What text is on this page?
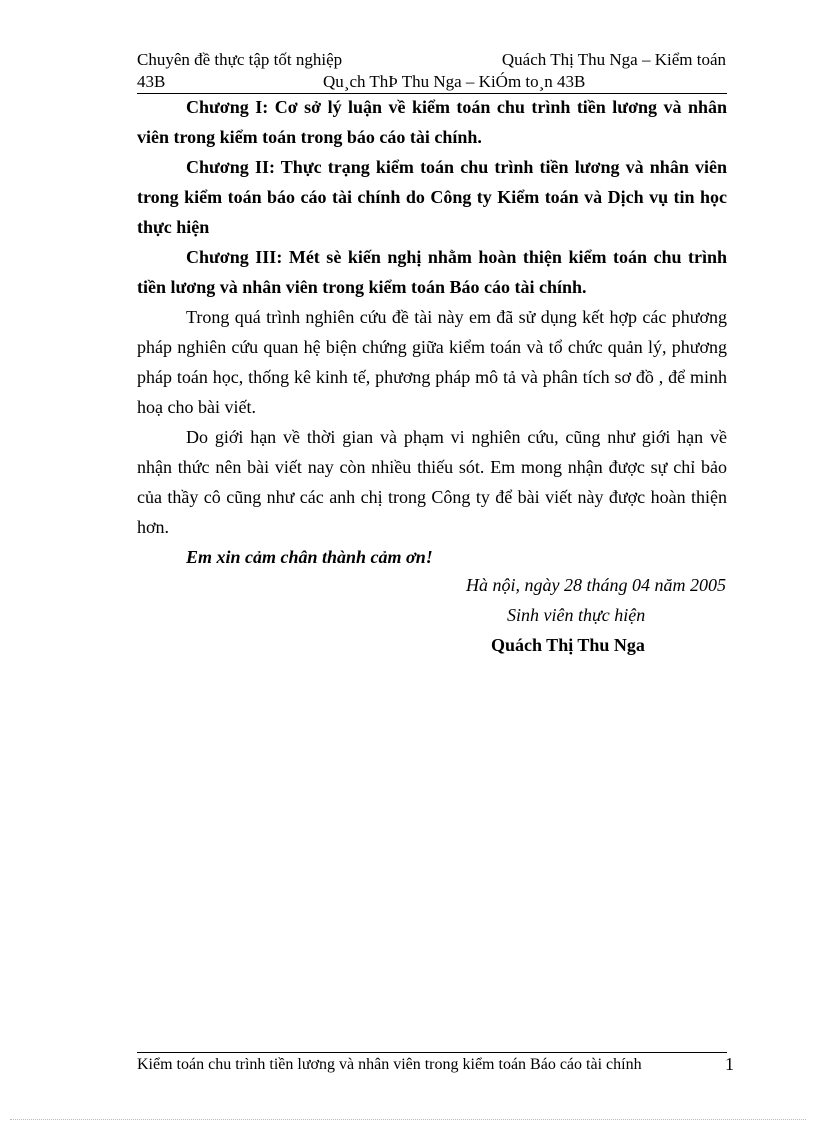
Chuyên đề thực tập tốt nghiệp	Quách Thị Thu Nga – Kiểm toán
43B	Qu¸ch ThÞ Thu Nga – KiÓm to¸n 43B

Chương I: Cơ sở lý luận về kiểm toán chu trình tiền lương và nhân viên trong kiểm toán trong báo cáo tài chính.

Chương II: Thực trạng kiểm toán chu trình tiền lương và nhân viên trong kiểm toán báo cáo tài chính do Công ty Kiểm toán và Dịch vụ tin học thực hiện

Chương III: Mét sè kiến nghị nhằm hoàn thiện kiểm toán chu trình tiền lương và nhân viên trong kiểm toán Báo cáo tài chính.

Trong quá trình nghiên cứu đề tài này em đã sử dụng kết hợp các phương pháp nghiên cứu quan hệ biện chứng giữa kiểm toán và tổ chức quản lý, phương pháp toán học, thống kê kinh tế, phương pháp mô tả và phân tích sơ đồ , để minh hoạ cho bài viết.

Do giới hạn về thời gian và phạm vi nghiên cứu, cũng như giới hạn về nhận thức nên bài viết nay còn nhiều thiếu sót. Em mong nhận được sự chỉ bảo của thầy cô cũng như các anh chị trong Công ty để bài viết này được hoàn thiện hơn.

Em xin cảm chân thành cảm ơn!

Hà nội, ngày 28 tháng 04 năm 2005
Sinh viên thực hiện
Quách Thị Thu Nga
Kiểm toán chu trình tiền lương và nhân viên trong kiểm toán Báo cáo tài chính	1
